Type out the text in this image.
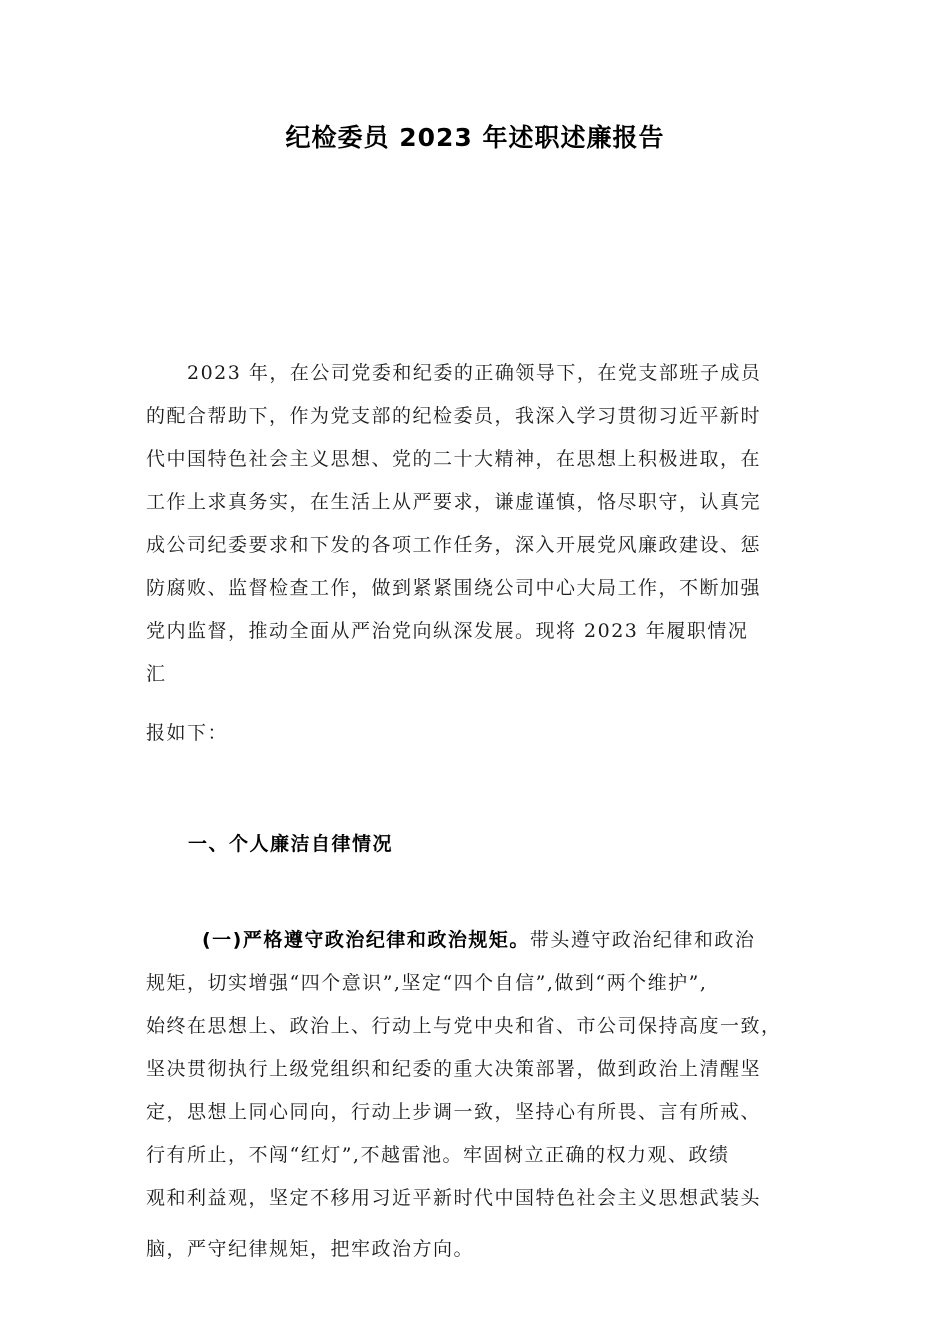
纪检委员 2023 年述职述廉报告
2023 年，在公司党委和纪委的正确领导下，在党支部班子成员
的配合帮助下，作为党支部的纪检委员，我深入学习贯彻习近平新时
代中国特色社会主义思想、党的二十大精神，在思想上积极进取，在
工作上求真务实，在生活上从严要求，谦虚谨慎，恪尽职守，认真完
成公司纪委要求和下发的各项工作任务，深入开展党风廉政建设、惩
防腐败、监督检查工作，做到紧紧围绕公司中心大局工作，不断加强
党内监督，推动全面从严治党向纵深发展。现将 2023 年履职情况
汇
报如下：
一、个人廉洁自律情况
(一)严格遵守政治纪律和政治规矩。带头遵守政治纪律和政治
规矩，切实增强“四个意识”,坚定“四个自信”,做到“两个维护”,
始终在思想上、政治上、行动上与党中央和省、市公司保持高度一致，
坚决贯彻执行上级党组织和纪委的重大决策部署，做到政治上清醒坚
定，思想上同心同向，行动上步调一致，坚持心有所畏、言有所戒、
行有所止，不闯“红灯”,不越雷池。牢固树立正确的权力观、政绩
观和利益观，坚定不移用习近平新时代中国特色社会主义思想武装头
脑，严守纪律规矩，把牢政治方向。
